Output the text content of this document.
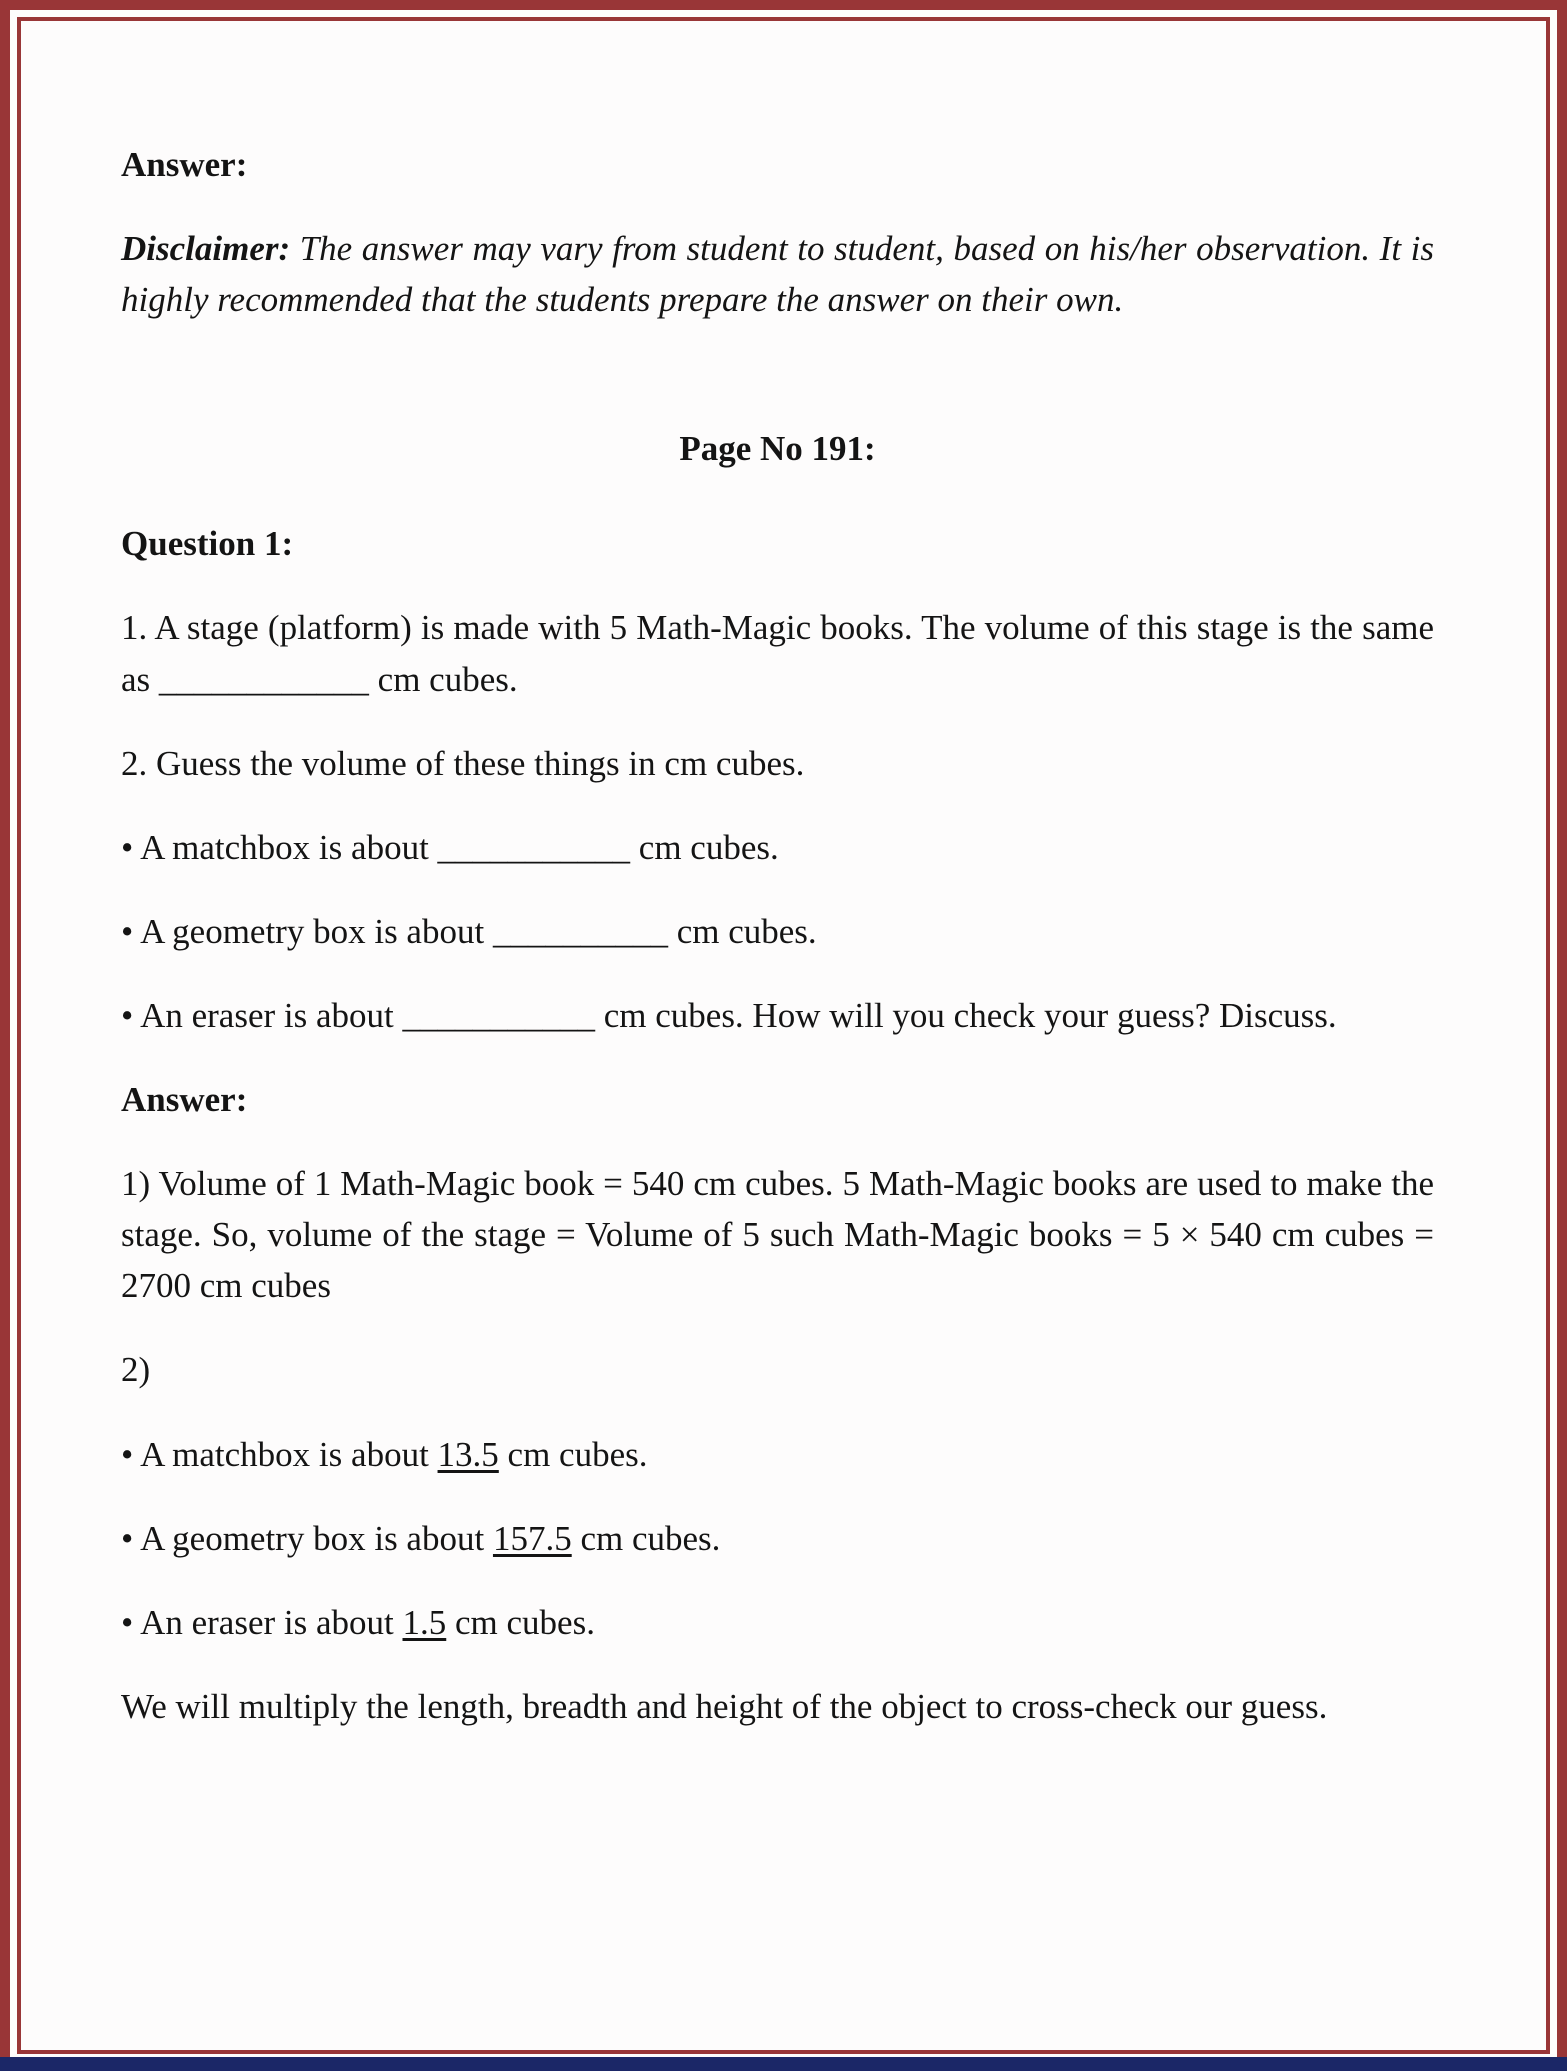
Answer:

Disclaimer: The answer may vary from student to student, based on his/her observation. It is highly recommended that the students prepare the answer on their own.

Page No 191:

Question 1:

1. A stage (platform) is made with 5 Math-Magic books. The volume of this stage is the same as ____________ cm cubes.

2. Guess the volume of these things in cm cubes.

• A matchbox is about ___________ cm cubes.

• A geometry box is about __________ cm cubes.

• An eraser is about ___________ cm cubes. How will you check your guess? Discuss.

Answer:

1) Volume of 1 Math-Magic book = 540 cm cubes. 5 Math-Magic books are used to make the stage. So, volume of the stage = Volume of 5 such Math-Magic books = 5 × 540 cm cubes = 2700 cm cubes

2)

• A matchbox is about 13.5 cm cubes.

• A geometry box is about 157.5 cm cubes.

• An eraser is about 1.5 cm cubes.

We will multiply the length, breadth and height of the object to cross-check our guess.
